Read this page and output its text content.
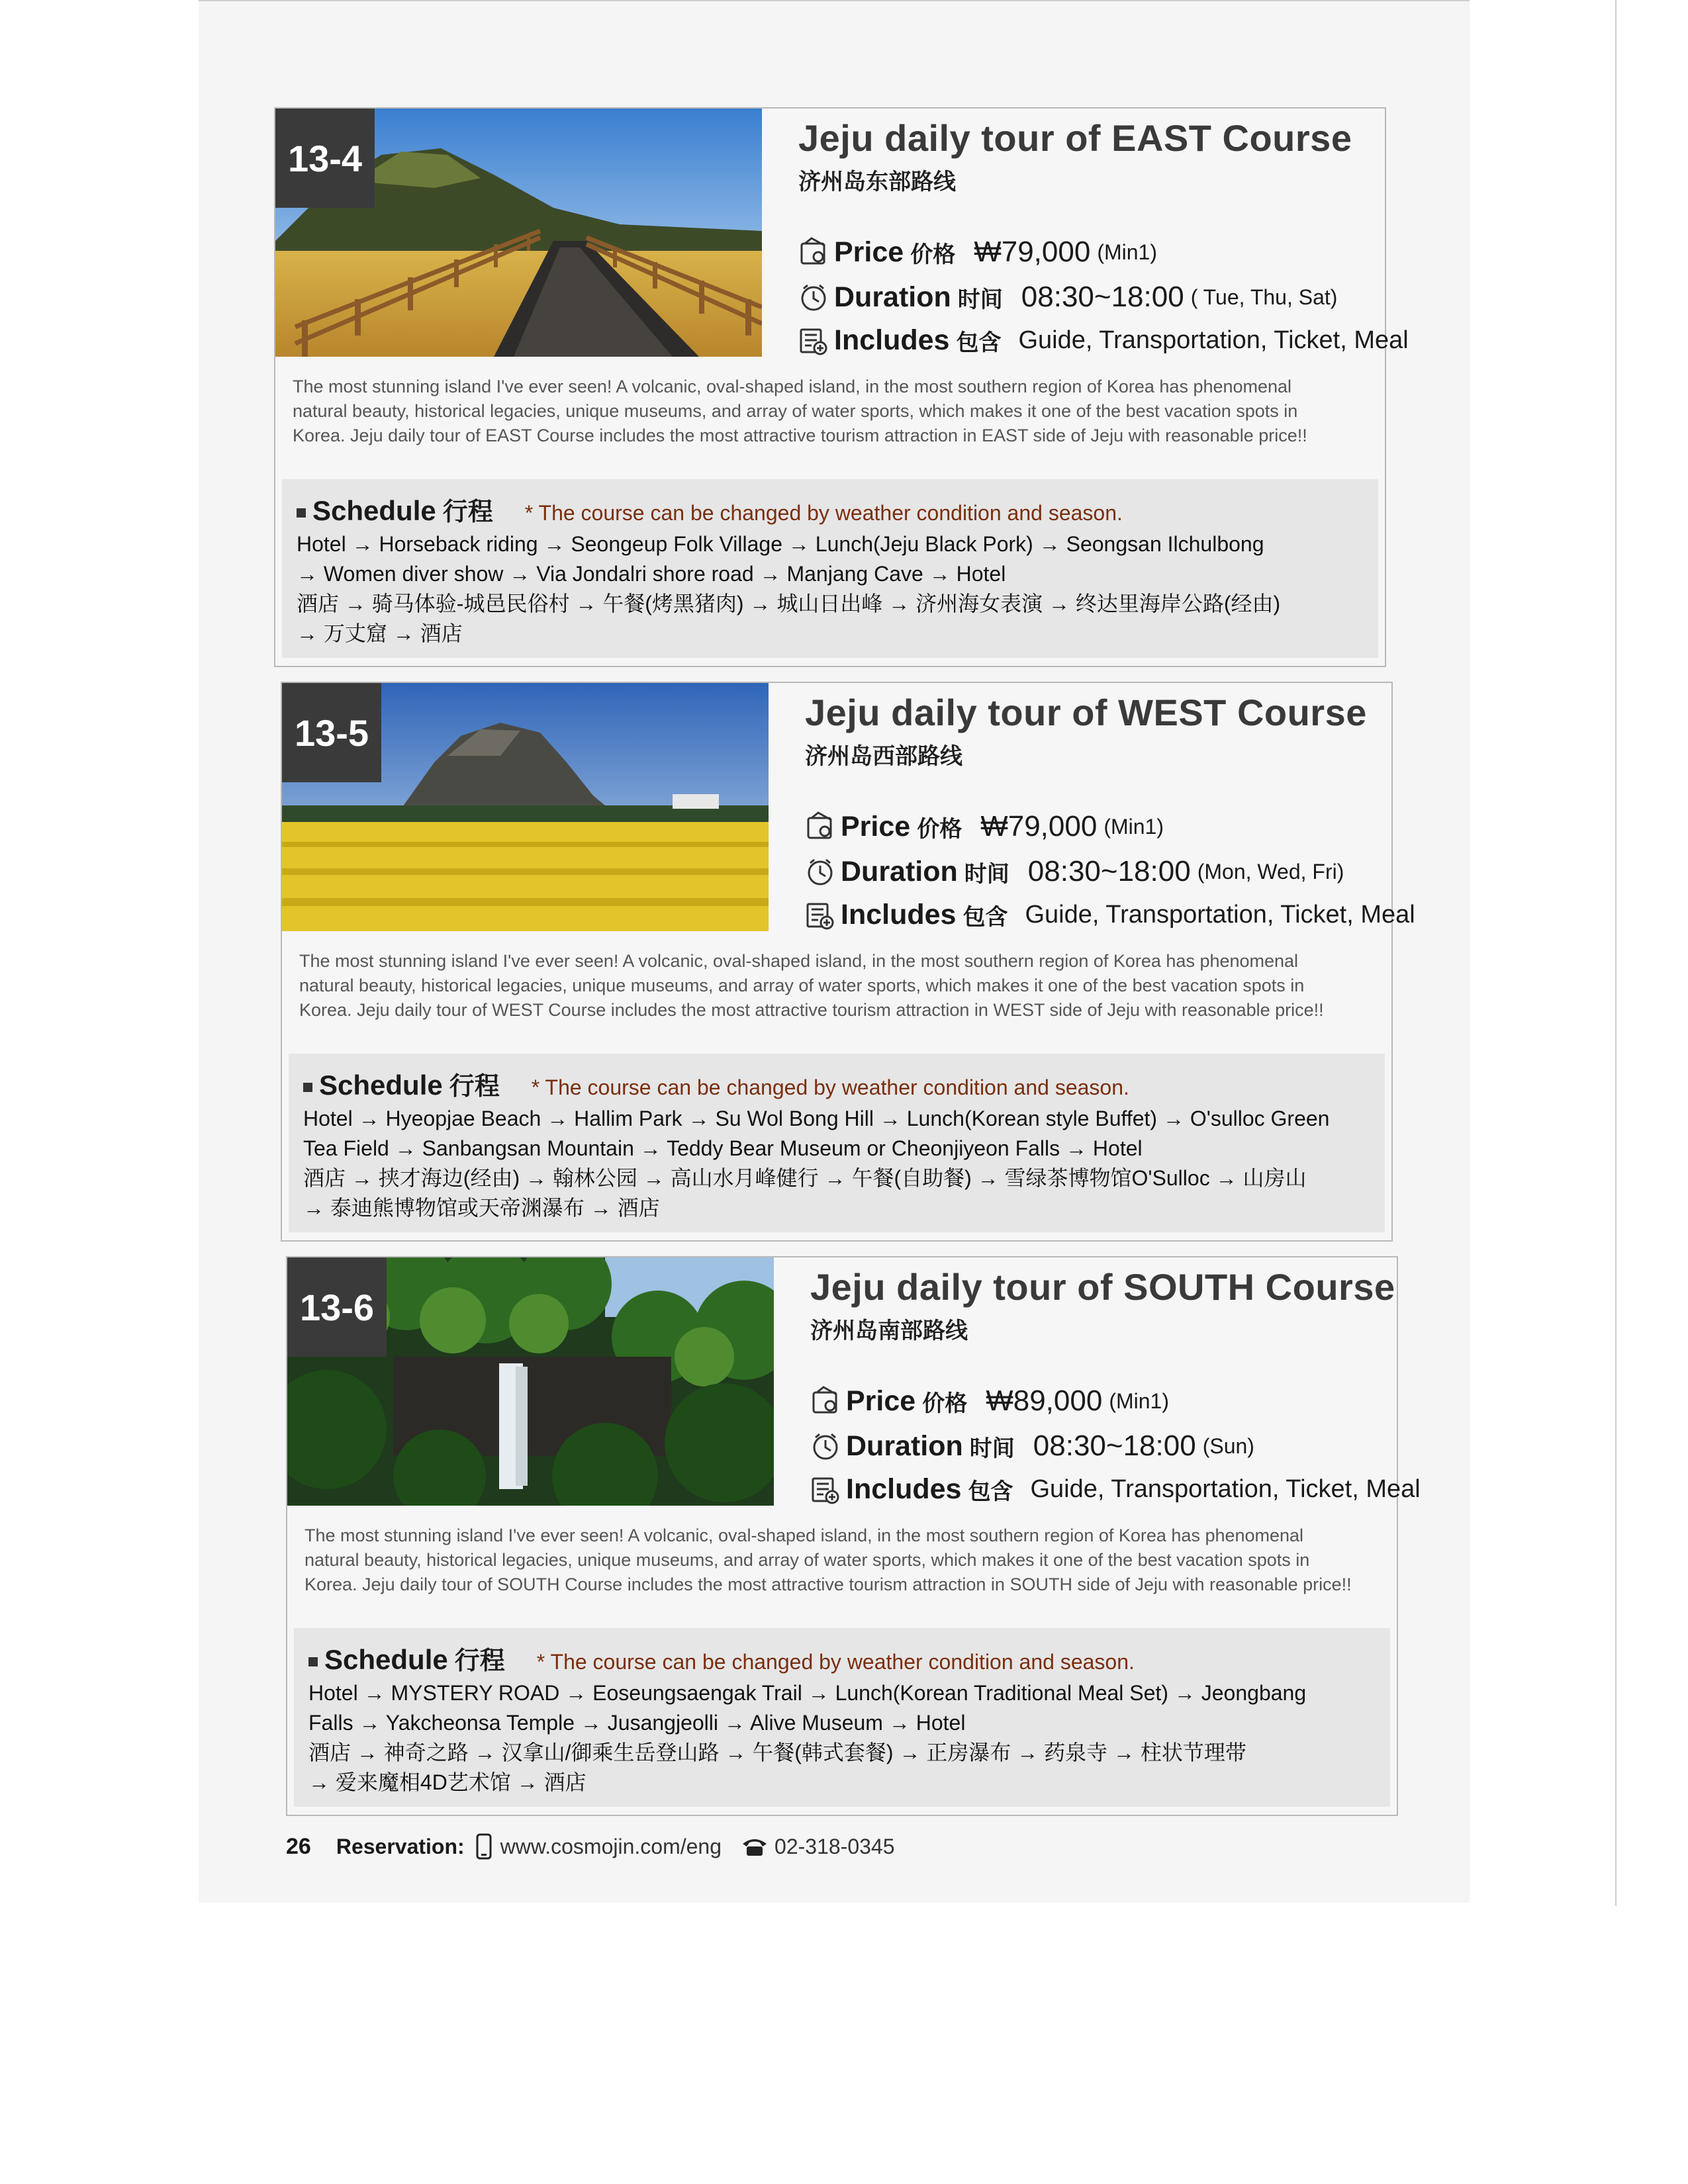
13-4	Jeju daily tour of EAST Course
济州岛东部路线
Price 价格 ₩79,000 (Min1)
Duration 时间 08:30~18:00 ( Tue, Thu, Sat)
Includes 包含 Guide, Transportation, Ticket, Meal
The most stunning island I've ever seen! A volcanic, oval-shaped island, in the most southern region of Korea has phenomenal
natural beauty, historical legacies, unique museums, and array of water sports, which makes it one of the best vacation spots in
Korea. Jeju daily tour of EAST Course includes the most attractive tourism attraction in EAST side of Jeju with reasonable price!!
Schedule 行程 * The course can be changed by weather condition and season.
Hotel → Horseback riding → Seongeup Folk Village → Lunch(Jeju Black Pork) → Seongsan Ilchulbong
→ Women diver show → Via Jondalri shore road → Manjang Cave → Hotel
酒店 → 骑马体验-城邑民俗村 → 午餐(烤黑猪肉) → 城山日出峰 → 济州海女表演 → 终达里海岸公路(经由)
→ 万丈窟 → 酒店
13-5	Jeju daily tour of WEST Course
济州岛西部路线
Price 价格 ₩79,000 (Min1)
Duration 时间 08:30~18:00 (Mon, Wed, Fri)
Includes 包含 Guide, Transportation, Ticket, Meal
The most stunning island I've ever seen! A volcanic, oval-shaped island, in the most southern region of Korea has phenomenal
natural beauty, historical legacies, unique museums, and array of water sports, which makes it one of the best vacation spots in
Korea. Jeju daily tour of WEST Course includes the most attractive tourism attraction in WEST side of Jeju with reasonable price!!
Schedule 行程 * The course can be changed by weather condition and season.
Hotel → Hyeopjae Beach → Hallim Park → Su Wol Bong Hill → Lunch(Korean style Buffet) → O'sulloc Green
Tea Field → Sanbangsan Mountain → Teddy Bear Museum or Cheonjiyeon Falls → Hotel
酒店 → 挟才海边(经由) → 翰林公园 → 高山水月峰健行 → 午餐(自助餐) → 雪绿茶博物馆O'Sulloc → 山房山
→ 泰迪熊博物馆或天帝渊瀑布 → 酒店
13-6	Jeju daily tour of SOUTH Course
济州岛南部路线
Price 价格 ₩89,000 (Min1)
Duration 时间 08:30~18:00 (Sun)
Includes 包含 Guide, Transportation, Ticket, Meal
The most stunning island I've ever seen! A volcanic, oval-shaped island, in the most southern region of Korea has phenomenal
natural beauty, historical legacies, unique museums, and array of water sports, which makes it one of the best vacation spots in
Korea. Jeju daily tour of SOUTH Course includes the most attractive tourism attraction in SOUTH side of Jeju with reasonable price!!
Schedule 行程 * The course can be changed by weather condition and season.
Hotel → MYSTERY ROAD → Eoseungsaengak Trail → Lunch(Korean Traditional Meal Set) → Jeongbang
Falls → Yakcheonsa Temple → Jusangjeolli → Alive Museum → Hotel
酒店 → 神奇之路 → 汉拿山/御乘生岳登山路 → 午餐(韩式套餐) → 正房瀑布 → 药泉寺 → 柱状节理带
→ 爱来魔相4D艺术馆 → 酒店
26 Reservation: www.cosmojin.com/eng	02-318-0345
